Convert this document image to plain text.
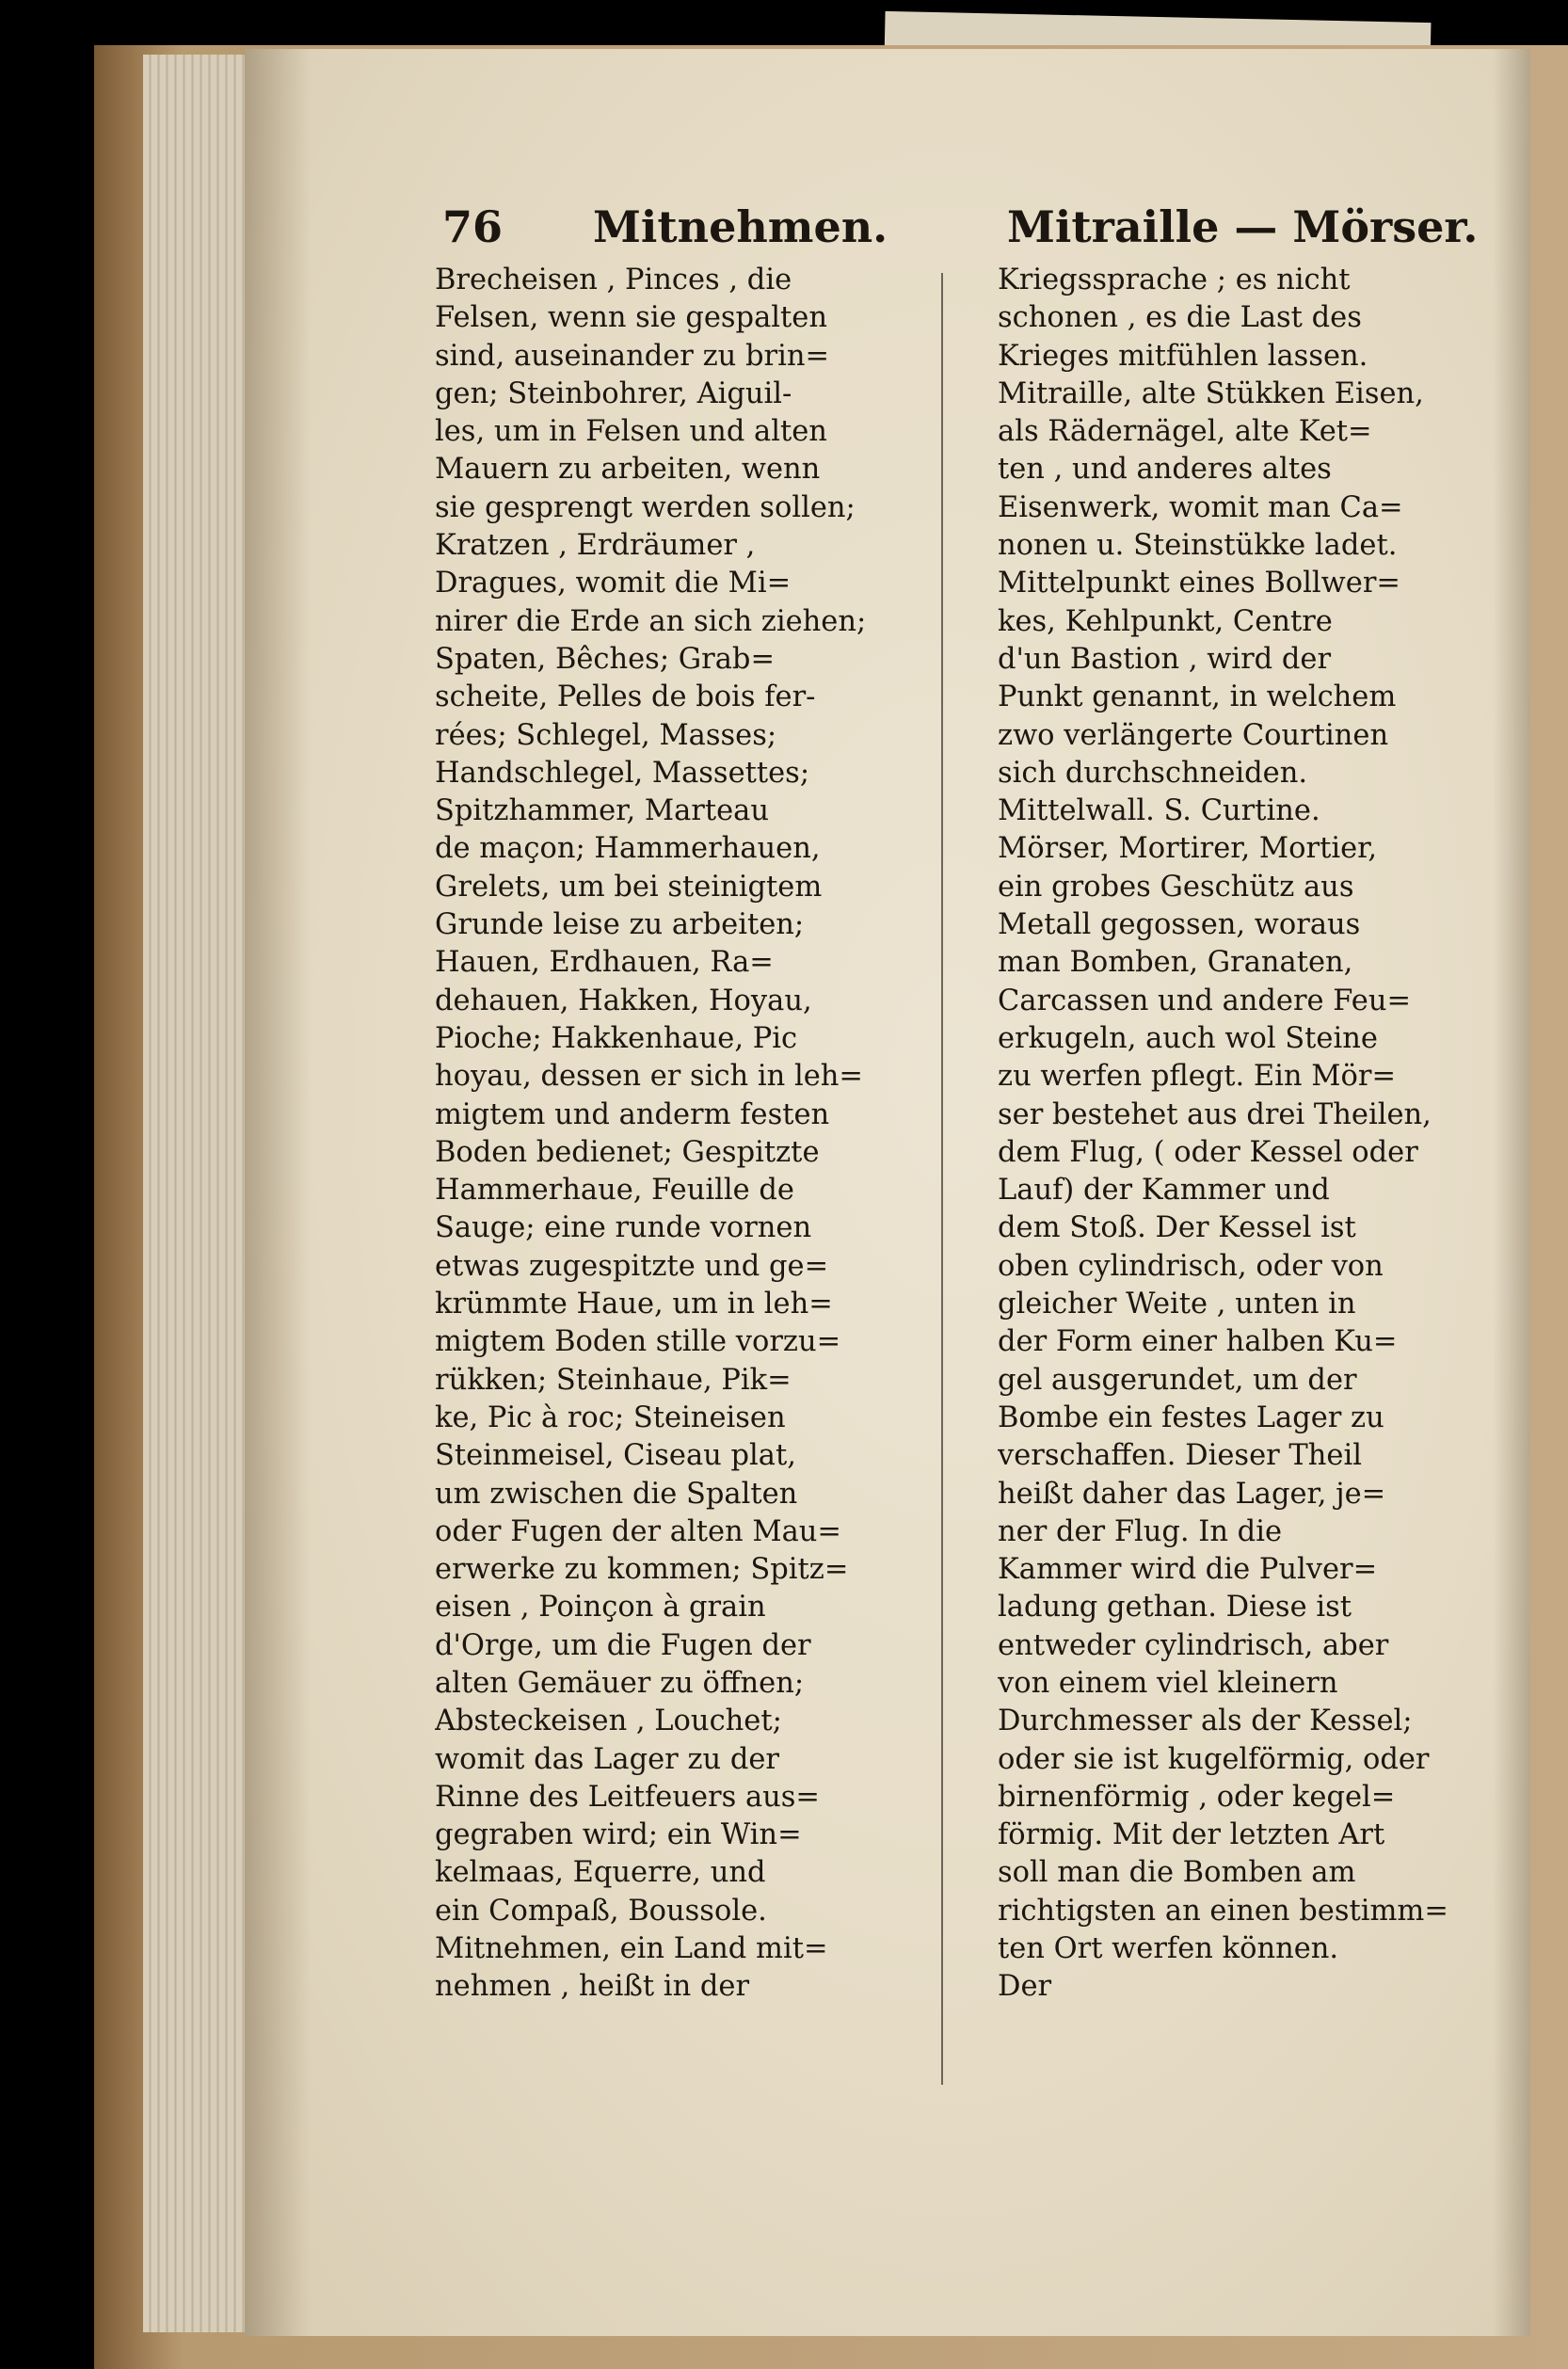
76 Mitnehmen.	Mitraille — Mörser.
Brecheisen , Pinces , die
Felsen, wenn sie gespalten
sind, auseinander zu brin=
gen; Steinbohrer, Aiguil-
les, um in Felsen und alten
Mauern zu arbeiten, wenn
sie gesprengt werden sollen;
Kratzen , Erdräumer ,
Dragues, womit die Mi=
nirer die Erde an sich ziehen;
Spaten, Bêches; Grab=
scheite, Pelles de bois fer-
rées; Schlegel, Masses;
Handschlegel, Massettes;
Spitzhammer, Marteau
de maçon; Hammerhauen,
Grelets, um bei steinigtem
Grunde leise zu arbeiten;
Hauen, Erdhauen, Ra=
dehauen, Hakken, Hoyau,
Pioche; Hakkenhaue, Pic
hoyau, dessen er sich in leh=
migtem und anderm festen
Boden bedienet; Gespitzte
Hammerhaue, Feuille de
Sauge; eine runde vornen
etwas zugespitzte und ge=
krümmte Haue, um in leh=
migtem Boden stille vorzu=
rükken; Steinhaue, Pik=
ke, Pic à roc; Steineisen
Steinmeisel, Ciseau plat,
um zwischen die Spalten
oder Fugen der alten Mau=
erwerke zu kommen; Spitz=
eisen , Poinçon à grain
d'Orge, um die Fugen der
alten Gemäuer zu öffnen;
Absteckeisen , Louchet;
womit das Lager zu der
Rinne des Leitfeuers aus=
gegraben wird; ein Win=
kelmaas, Equerre, und
ein Compaß, Boussole.
Mitnehmen, ein Land mit=
nehmen , heißt in der
Kriegssprache ; es nicht
schonen , es die Last des
Krieges mitfühlen lassen.
Mitraille, alte Stükken Eisen,
als Rädernägel, alte Ket=
ten , und anderes altes
Eisenwerk, womit man Ca=
nonen u. Steinstükke ladet.
Mittelpunkt eines Bollwer=
kes, Kehlpunkt, Centre
d'un Bastion , wird der
Punkt genannt, in welchem
zwo verlängerte Courtinen
sich durchschneiden.
Mittelwall. S. Curtine.
Mörser, Mortirer, Mortier,
ein grobes Geschütz aus
Metall gegossen, woraus
man Bomben, Granaten,
Carcassen und andere Feu=
erkugeln, auch wol Steine
zu werfen pflegt. Ein Mör=
ser bestehet aus drei Theilen,
dem Flug, ( oder Kessel oder
Lauf) der Kammer und
dem Stoß. Der Kessel ist
oben cylindrisch, oder von
gleicher Weite , unten in
der Form einer halben Ku=
gel ausgerundet, um der
Bombe ein festes Lager zu
verschaffen. Dieser Theil
heißt daher das Lager, je=
ner der Flug. In die
Kammer wird die Pulver=
ladung gethan. Diese ist
entweder cylindrisch, aber
von einem viel kleinern
Durchmesser als der Kessel;
oder sie ist kugelförmig, oder
birnenförmig , oder kegel=
förmig. Mit der letzten Art
soll man die Bomben am
richtigsten an einen bestimm=
ten Ort werfen können.
Der
